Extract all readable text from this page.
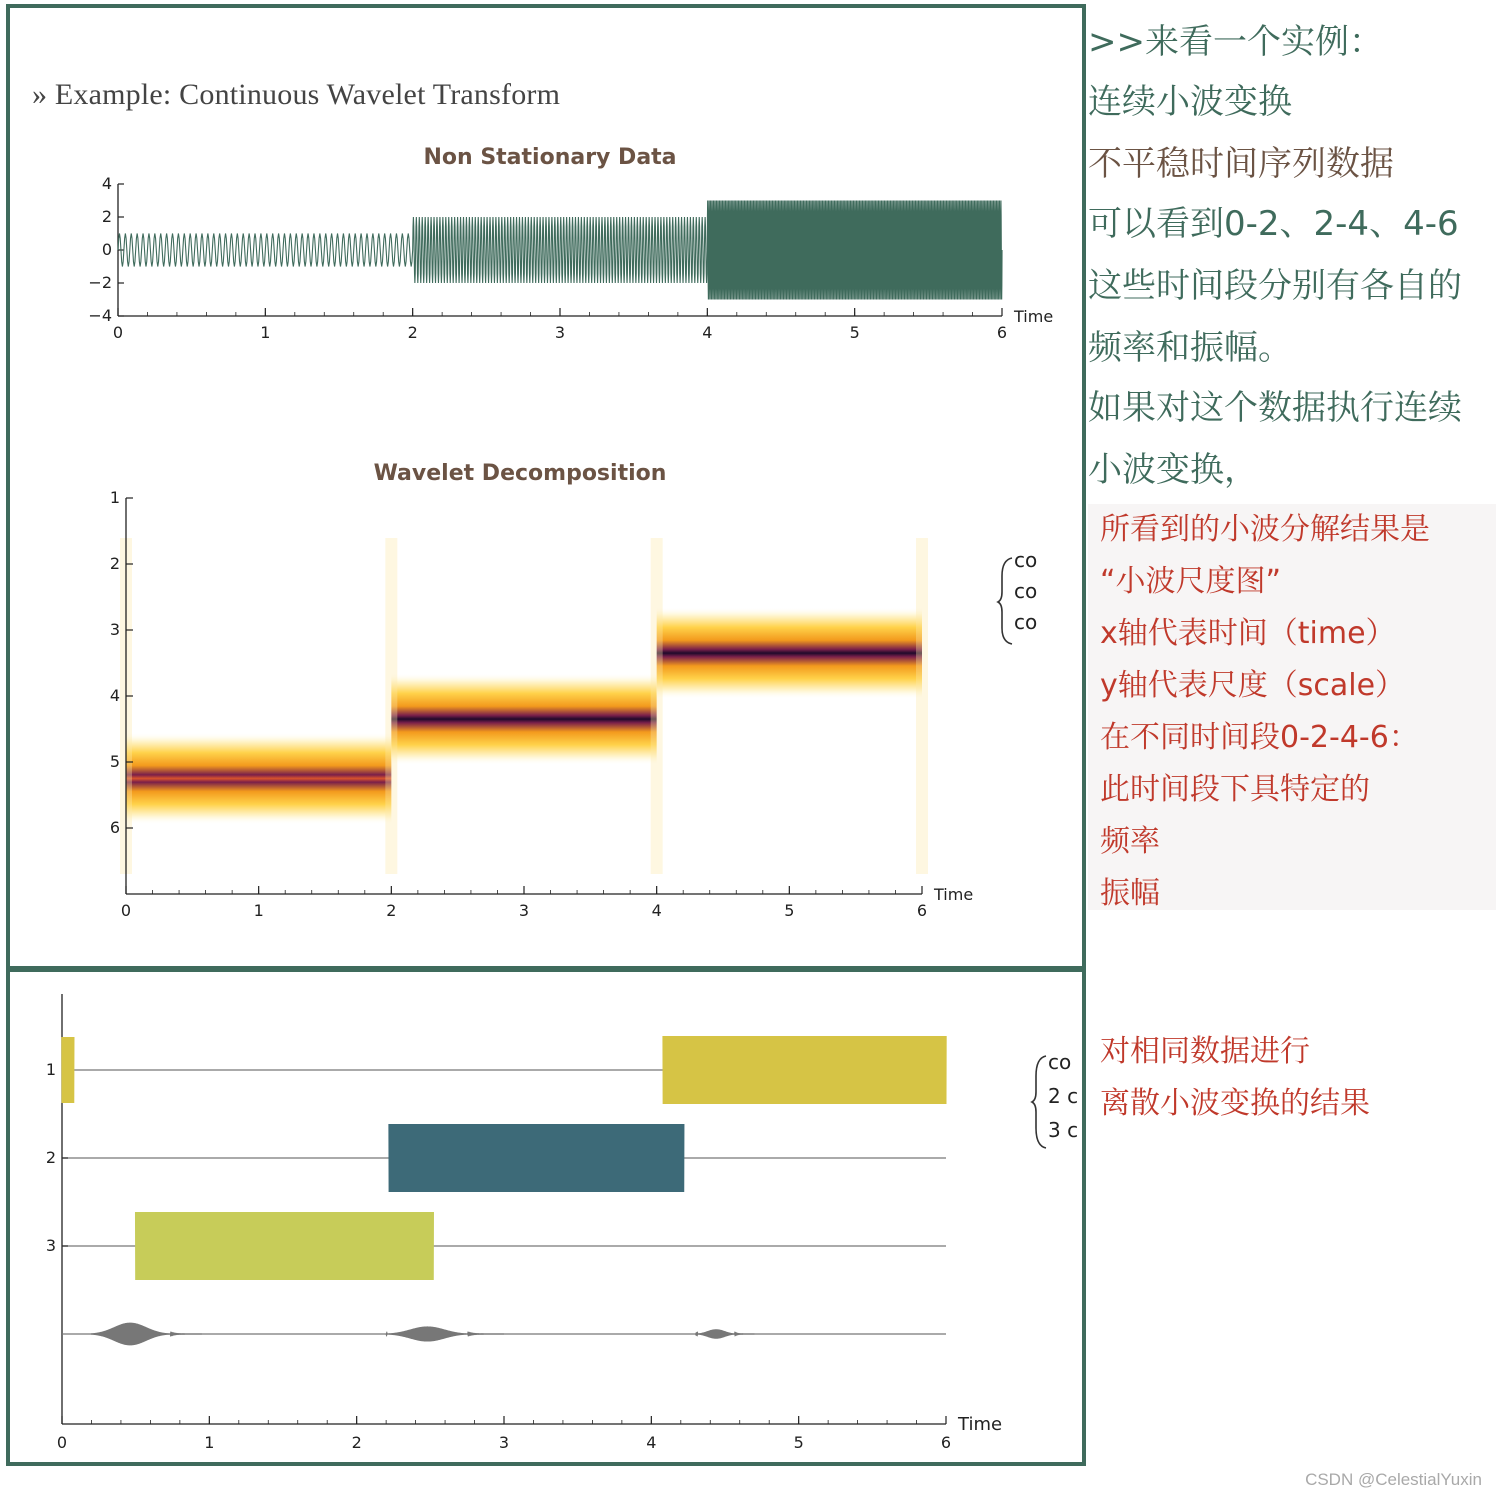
» Example: Continuous Wavelet Transform
Non Stationary Data
0	1	2	3	4	5	6
4
2
0
−2
−4	Time
Wavelet Decomposition
0	1	2	3	4	5	6
1
2
3
4
5
6
Time
co
co
co
0	1	2	3	4	5	6
Time
1
2
3
co
2 c
3 c
>>来看一个实例：
连续小波变换
不平稳时间序列数据
可以看到0-2、2-4、4-6
这些时间段分别有各自的
频率和振幅。
如果对这个数据执行连续
小波变换，
所看到的小波分解结果是
“小波尺度图”
x轴代表时间（time）
y轴代表尺度（scale）
在不同时间段0-2-4-6：
此时间段下具特定的
频率
振幅
对相同数据进行
离散小波变换的结果
CSDN @CelestialYuxin
